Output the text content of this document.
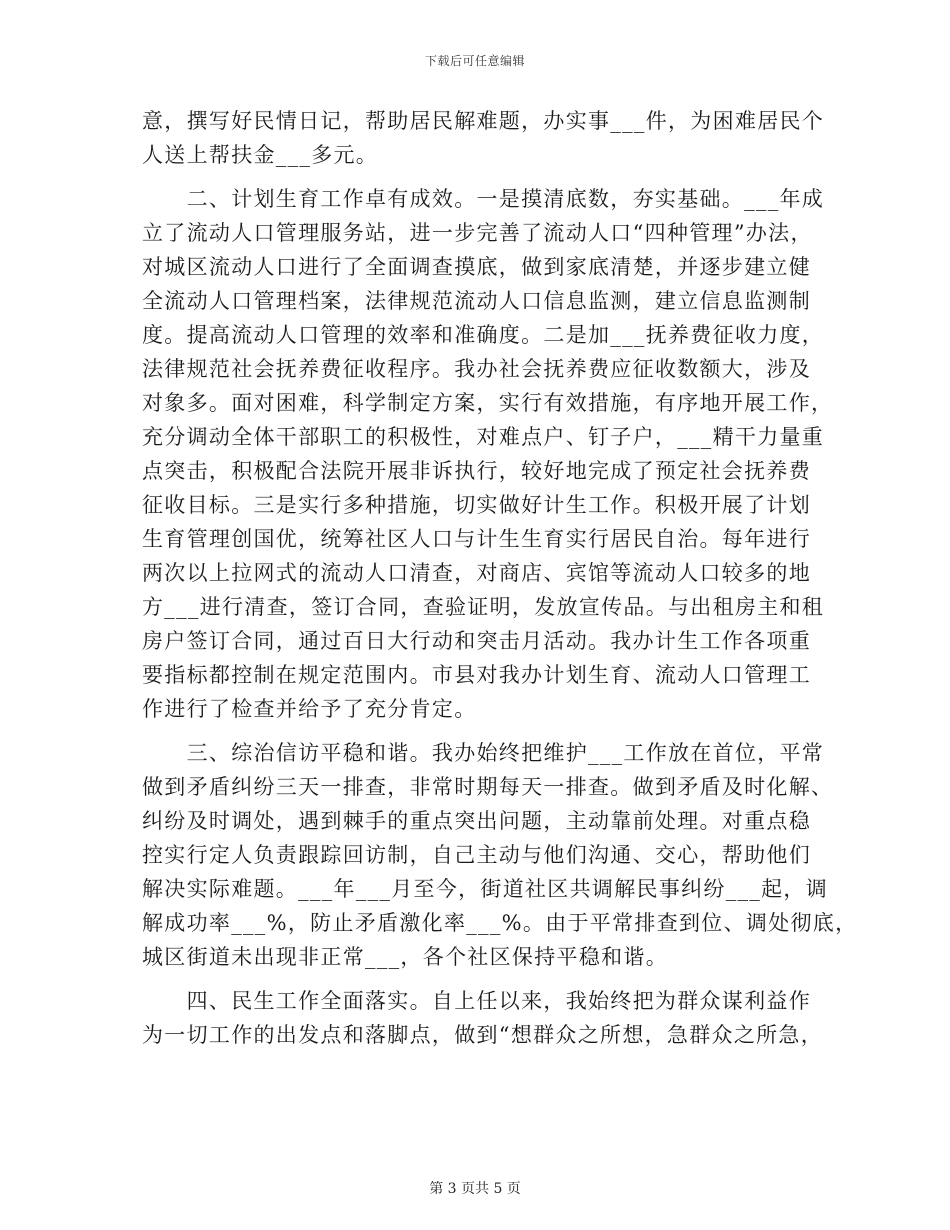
下载后可任意编辑
意，撰写好民情日记，帮助居民解难题，办实事___件，为困难居民个
人送上帮扶金___多元。
　　二、计划生育工作卓有成效。一是摸清底数，夯实基础。___年成
立了流动人口管理服务站，进一步完善了流动人口“四种管理”办法，
对城区流动人口进行了全面调查摸底，做到家底清楚，并逐步建立健
全流动人口管理档案，法律规范流动人口信息监测，建立信息监测制
度。提高流动人口管理的效率和准确度。二是加___抚养费征收力度，
法律规范社会抚养费征收程序。我办社会抚养费应征收数额大，涉及
对象多。面对困难，科学制定方案，实行有效措施，有序地开展工作，
充分调动全体干部职工的积极性，对难点户、钉子户，___精干力量重
点突击，积极配合法院开展非诉执行，较好地完成了预定社会抚养费
征收目标。三是实行多种措施，切实做好计生工作。积极开展了计划
生育管理创国优，统筹社区人口与计生生育实行居民自治。每年进行
两次以上拉网式的流动人口清查，对商店、宾馆等流动人口较多的地
方___进行清查，签订合同，查验证明，发放宣传品。与出租房主和租
房户签订合同，通过百日大行动和突击月活动。我办计生工作各项重
要指标都控制在规定范围内。市县对我办计划生育、流动人口管理工
作进行了检查并给予了充分肯定。
　　三、综治信访平稳和谐。我办始终把维护___工作放在首位，平常
做到矛盾纠纷三天一排查，非常时期每天一排查。做到矛盾及时化解、
纠纷及时调处，遇到棘手的重点突出问题，主动靠前处理。对重点稳
控实行定人负责跟踪回访制，自己主动与他们沟通、交心，帮助他们
解决实际难题。___年___月至今，街道社区共调解民事纠纷___起，调
解成功率___%，防止矛盾激化率___%。由于平常排查到位、调处彻底，
城区街道未出现非正常___，各个社区保持平稳和谐。
　　四、民生工作全面落实。自上任以来，我始终把为群众谋利益作
为一切工作的出发点和落脚点，做到“想群众之所想，急群众之所急，
第 3 页共 5 页
